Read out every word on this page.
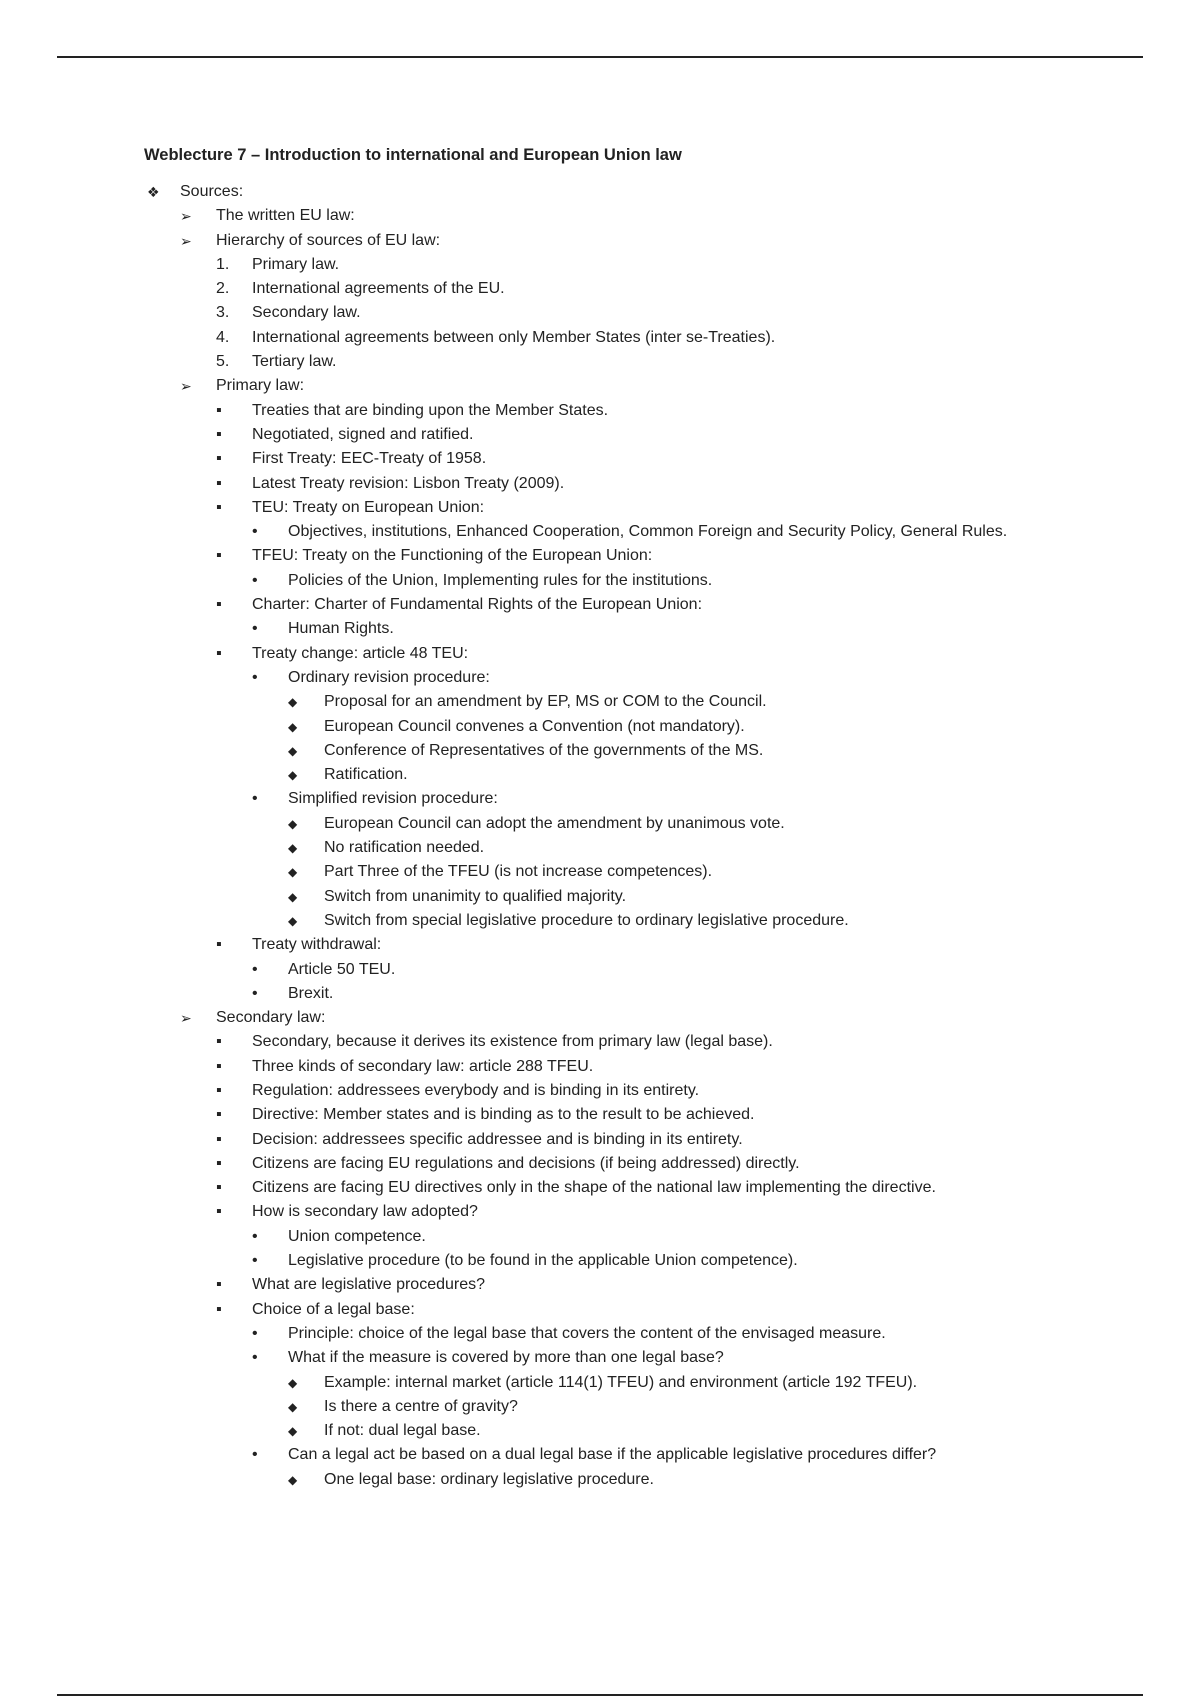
Weblecture 7 – Introduction to international and European Union law
❖	Sources:
➢	The written EU law:
➢	Hierarchy of sources of EU law:
1.	Primary law.
2.	International agreements of the EU.
3.	Secondary law.
4.	International agreements between only Member States (inter se-Treaties).
5.	Tertiary law.
➢	Primary law:
▪	Treaties that are binding upon the Member States.
▪	Negotiated, signed and ratified.
▪	First Treaty: EEC-Treaty of 1958.
▪	Latest Treaty revision: Lisbon Treaty (2009).
▪	TEU: Treaty on European Union:
•	Objectives, institutions, Enhanced Cooperation, Common Foreign and Security Policy, General Rules.
▪	TFEU: Treaty on the Functioning of the European Union:
•	Policies of the Union, Implementing rules for the institutions.
▪	Charter: Charter of Fundamental Rights of the European Union:
•	Human Rights.
▪	Treaty change: article 48 TEU:
•	Ordinary revision procedure:
◆	Proposal for an amendment by EP, MS or COM to the Council.
◆	European Council convenes a Convention (not mandatory).
◆	Conference of Representatives of the governments of the MS.
◆	Ratification.
•	Simplified revision procedure:
◆	European Council can adopt the amendment by unanimous vote.
◆	No ratification needed.
◆	Part Three of the TFEU (is not increase competences).
◆	Switch from unanimity to qualified majority.
◆	Switch from special legislative procedure to ordinary legislative procedure.
▪	Treaty withdrawal:
•	Article 50 TEU.
•	Brexit.
➢	Secondary law:
▪	Secondary, because it derives its existence from primary law (legal base).
▪	Three kinds of secondary law: article 288 TFEU.
▪	Regulation: addressees everybody and is binding in its entirety.
▪	Directive: Member states and is binding as to the result to be achieved.
▪	Decision: addressees specific addressee and is binding in its entirety.
▪	Citizens are facing EU regulations and decisions (if being addressed) directly.
▪	Citizens are facing EU directives only in the shape of the national law implementing the directive.
▪	How is secondary law adopted?
•	Union competence.
•	Legislative procedure (to be found in the applicable Union competence).
▪	What are legislative procedures?
▪	Choice of a legal base:
•	Principle: choice of the legal base that covers the content of the envisaged measure.
•	What if the measure is covered by more than one legal base?
◆	Example: internal market (article 114(1) TFEU) and environment (article 192 TFEU).
◆	Is there a centre of gravity?
◆	If not: dual legal base.
•	Can a legal act be based on a dual legal base if the applicable legislative procedures differ?
◆	One legal base: ordinary legislative procedure.
